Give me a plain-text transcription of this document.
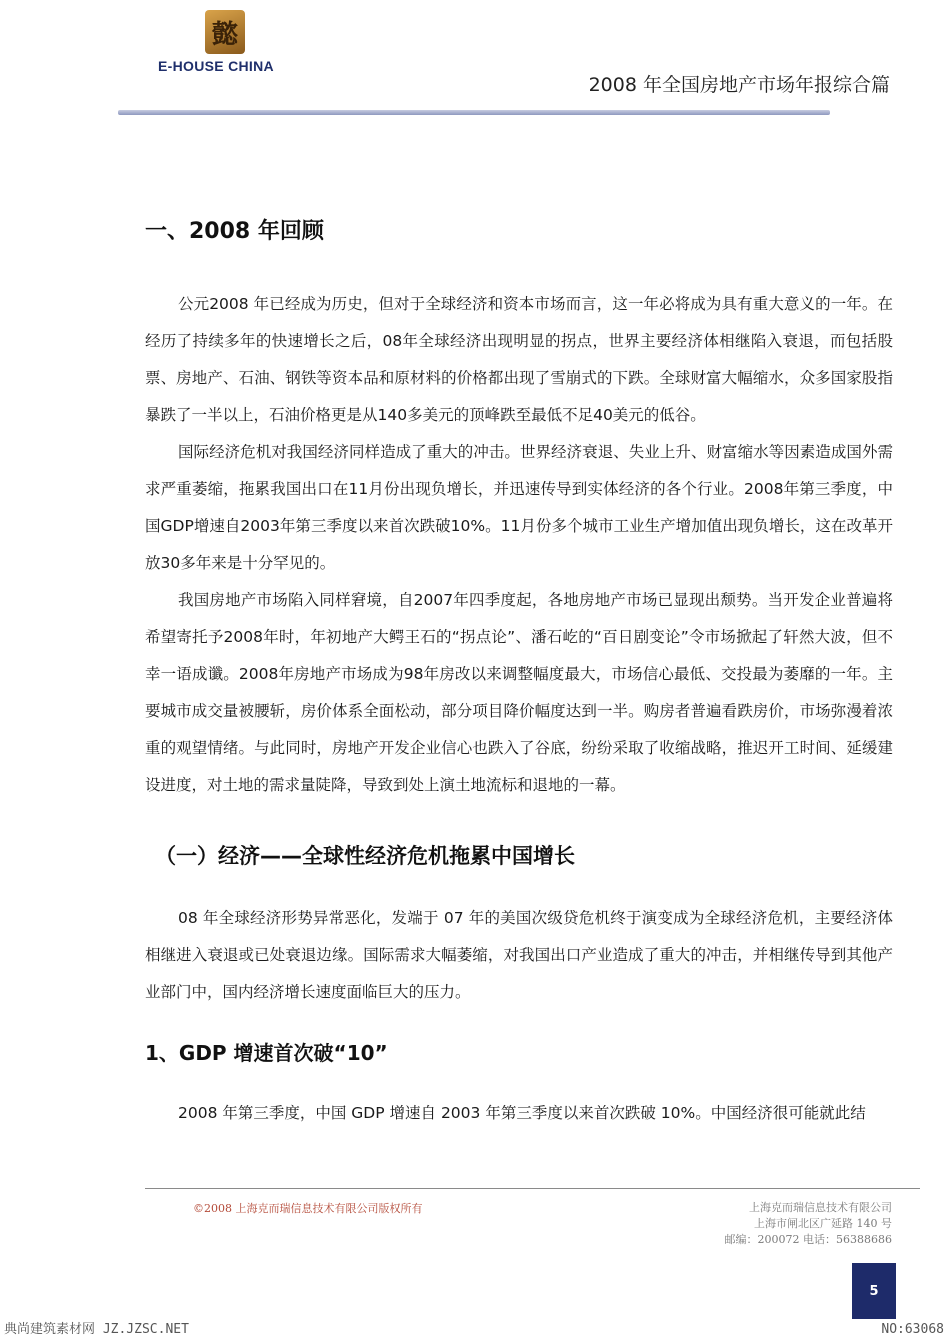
懿
E-HOUSE CHINA
2008 年全国房地产市场年报综合篇
一、2008 年回顾

公元2008 年已经成为历史，但对于全球经济和资本市场而言，这一年必将成为具有重大意义的一年。在经历了持续多年的快速增长之后，08年全球经济出现明显的拐点，世界主要经济体相继陷入衰退，而包括股票、房地产、石油、钢铁等资本品和原材料的价格都出现了雪崩式的下跌。全球财富大幅缩水，众多国家股指暴跌了一半以上，石油价格更是从140多美元的顶峰跌至最低不足40美元的低谷。

国际经济危机对我国经济同样造成了重大的冲击。世界经济衰退、失业上升、财富缩水等因素造成国外需求严重萎缩，拖累我国出口在11月份出现负增长，并迅速传导到实体经济的各个行业。2008年第三季度，中国GDP增速自2003年第三季度以来首次跌破10%。11月份多个城市工业生产增加值出现负增长，这在改革开放30多年来是十分罕见的。

我国房地产市场陷入同样窘境，自2007年四季度起，各地房地产市场已显现出颓势。当开发企业普遍将希望寄托予2008年时，年初地产大鳄王石的“拐点论”、潘石屹的“百日剧变论”令市场掀起了轩然大波，但不幸一语成谶。2008年房地产市场成为98年房改以来调整幅度最大，市场信心最低、交投最为萎靡的一年。主要城市成交量被腰斩，房价体系全面松动，部分项目降价幅度达到一半。购房者普遍看跌房价，市场弥漫着浓重的观望情绪。与此同时，房地产开发企业信心也跌入了谷底，纷纷采取了收缩战略，推迟开工时间、延缓建设进度，对土地的需求量陡降，导致到处上演土地流标和退地的一幕。

（一）经济——全球性经济危机拖累中国增长

08 年全球经济形势异常恶化，发端于 07 年的美国次级贷危机终于演变成为全球经济危机，主要经济体相继进入衰退或已处衰退边缘。国际需求大幅萎缩，对我国出口产业造成了重大的冲击，并相继传导到其他产业部门中，国内经济增长速度面临巨大的压力。

1、GDP 增速首次破“10”

2008 年第三季度，中国 GDP 增速自 2003 年第三季度以来首次跌破 10%。中国经济很可能就此结

©2008 上海克而瑞信息技术有限公司版权所有	上海克而瑞信息技术有限公司
上海市闸北区广延路 140 号
邮编：200072 电话：56388686
5
典尚建筑素材网 JZ.JZSC.NET	NO:63068
